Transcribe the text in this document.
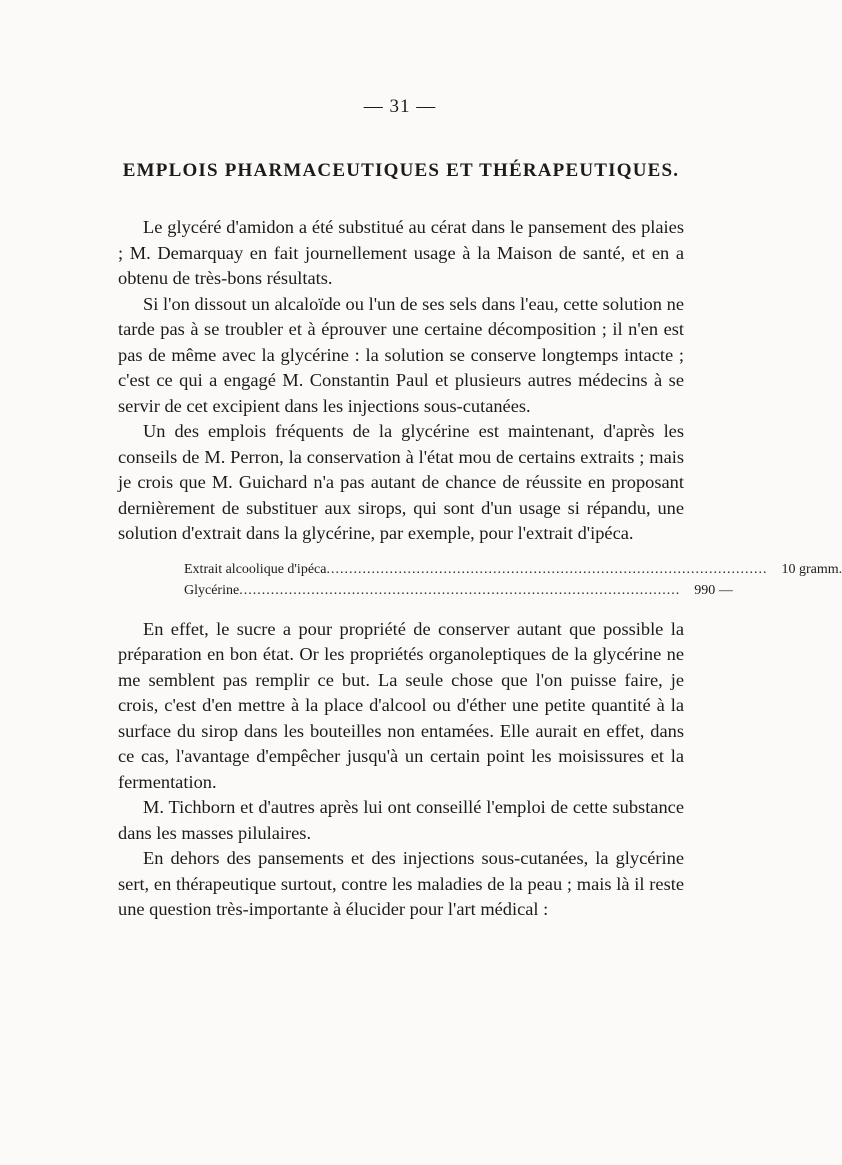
— 31 —
EMPLOIS PHARMACEUTIQUES ET THÉRAPEUTIQUES.

Le glycéré d'amidon a été substitué au cérat dans le pansement des plaies ; M. Demarquay en fait journellement usage à la Maison de santé, et en a obtenu de très-bons résultats.

Si l'on dissout un alcaloïde ou l'un de ses sels dans l'eau, cette solution ne tarde pas à se troubler et à éprouver une certaine décomposition ; il n'en est pas de même avec la glycérine : la solution se conserve longtemps intacte ; c'est ce qui a engagé M. Constantin Paul et plusieurs autres médecins à se servir de cet excipient dans les injections sous-cutanées.

Un des emplois fréquents de la glycérine est maintenant, d'après les conseils de M. Perron, la conservation à l'état mou de certains extraits ; mais je crois que M. Guichard n'a pas autant de chance de réussite en proposant dernièrement de substituer aux sirops, qui sont d'un usage si répandu, une solution d'extrait dans la glycérine, par exemple, pour l'extrait d'ipéca.

Extrait alcoolique d'ipéca ..................................................................................................	10 gramm.
Glycérine ..................................................................................................	990 —

En effet, le sucre a pour propriété de conserver autant que possible la préparation en bon état. Or les propriétés organoleptiques de la glycérine ne me semblent pas remplir ce but. La seule chose que l'on puisse faire, je crois, c'est d'en mettre à la place d'alcool ou d'éther une petite quantité à la surface du sirop dans les bouteilles non entamées. Elle aurait en effet, dans ce cas, l'avantage d'empêcher jusqu'à un certain point les moisissures et la fermentation.

M. Tichborn et d'autres après lui ont conseillé l'emploi de cette substance dans les masses pilulaires.

En dehors des pansements et des injections sous-cutanées, la glycérine sert, en thérapeutique surtout, contre les maladies de la peau ; mais là il reste une question très-importante à élucider pour l'art médical :
